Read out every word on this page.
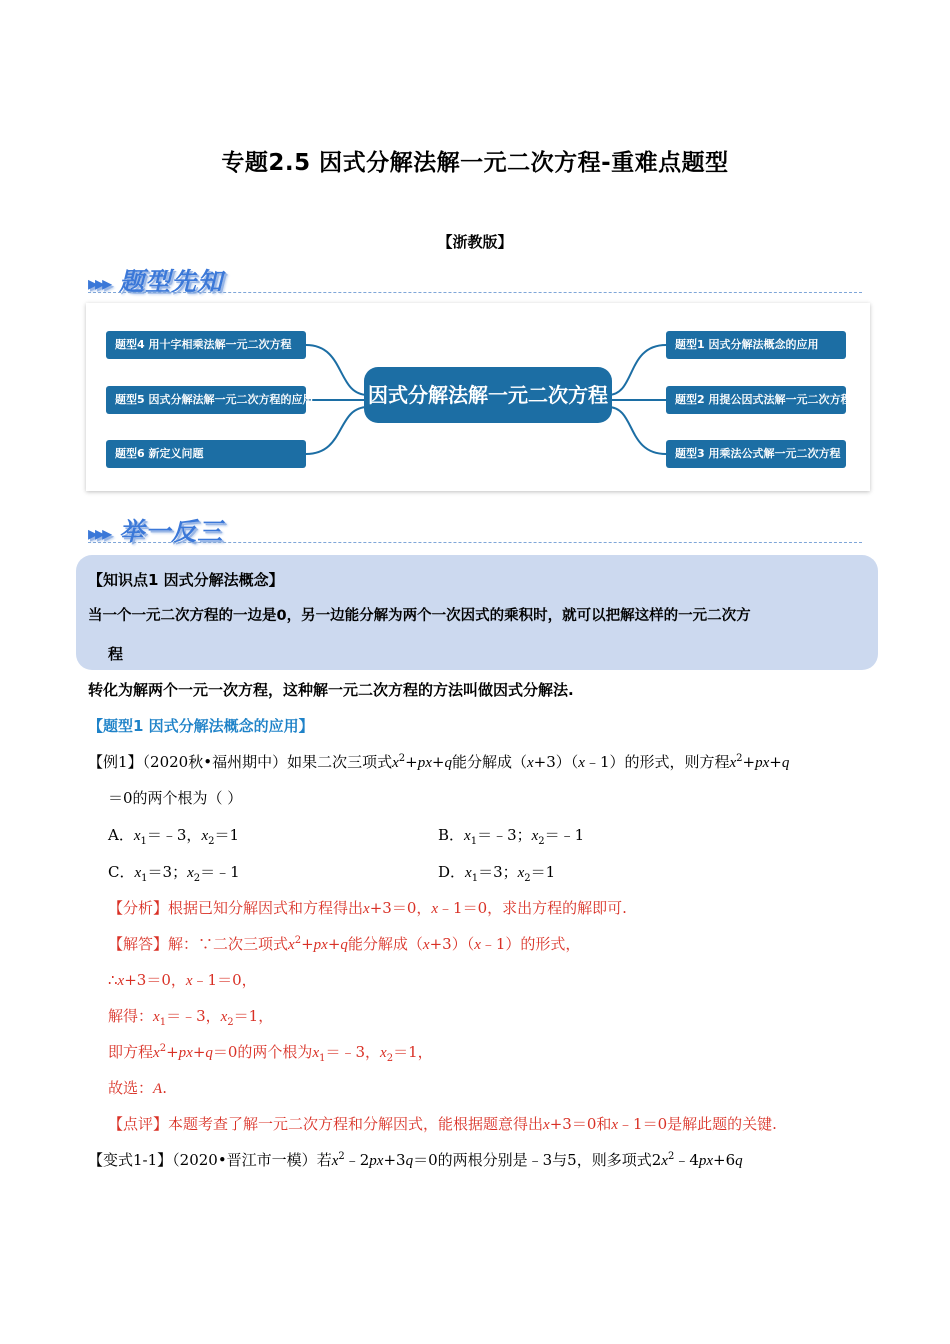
专题2.5 因式分解法解一元二次方程-重难点题型
【浙教版】
▸▸▸ 题型先知
题型4 用十字相乘法解一元二次方程
题型5 因式分解法解一元二次方程的应用
题型6 新定义问题
因式分解法解一元二次方程
题型1 因式分解法概念的应用
题型2 用提公因式法解一元二次方程
题型3 用乘法公式解一元二次方程
▸▸▸ 举一反三
【知识点1 因式分解法概念】
当一个一元二次方程的一边是0，另一边能分解为两个一次因式的乘积时，就可以把解这样的一元二次方
程
转化为解两个一元一次方程，这种解一元二次方程的方法叫做因式分解法.
【题型1 因式分解法概念的应用】
【例1】（2020秋•福州期中）如果二次三项式$x^2+px+q$能分解成（x+3）（x﹣1）的形式，则方程$x^2+px+q$
＝0的两个根为（ ）
A．$x_1=﹣3$，$x_2=1$	B．$x_1=﹣3$；$x_2=﹣1$
C．$x_1=3$；$x_2=﹣1$	D．$x_1=3$；$x_2=1$
【分析】根据已知分解因式和方程得出x+3＝0，x﹣1＝0，求出方程的解即可.
【解答】解：∵二次三项式$x^2+px+q$能分解成（x+3）（x﹣1）的形式，
∴x+3＝0，x﹣1＝0，
解得：$x_1=﹣3$，$x_2=1$，
即方程$x^2+px+q=0$的两个根为$x_1=﹣3$，$x_2=1$，
故选：A.
【点评】本题考查了解一元二次方程和分解因式，能根据题意得出x+3＝0和x﹣1＝0是解此题的关键.
【变式1-1】（2020•晋江市一模）若$x^2﹣2px+3q=0$的两根分别是﹣3与5，则多项式$2x^2﹣4px+6q$
